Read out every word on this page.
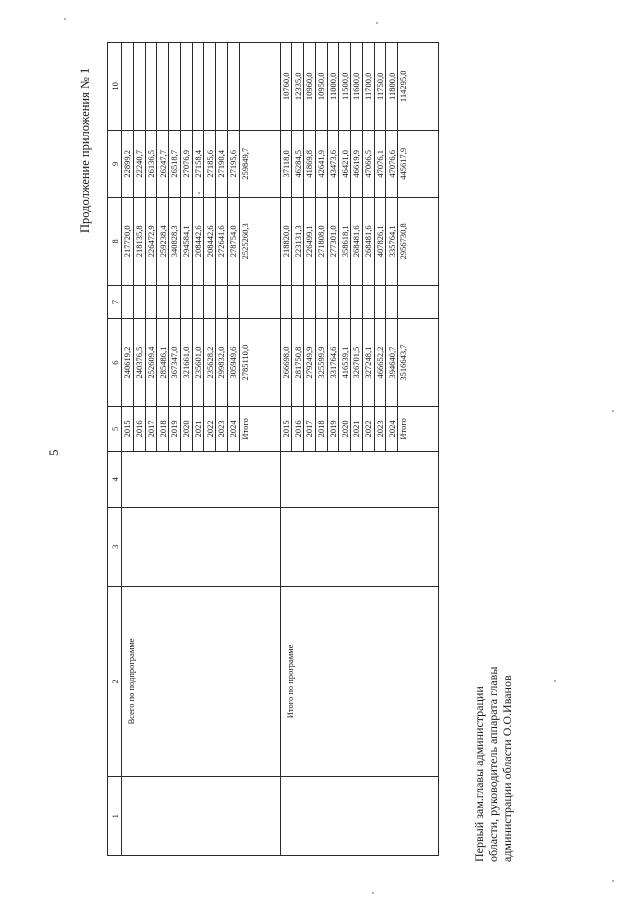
5
Продолжение приложения № 1
1	2	3	4	5	6	7	8	9	10
	Всего по подпрограмме			2015	240619,2		217720,0	22899,2	
				2016	240376,5		218135,8	22240,7	
				2017	252609,4		226472,9	26136,5	
				2018	285486,1		259238,4	26247,7	
				2019	367347,0		340828,3	26518,7	
				2020	321661,0		294584,1	27076,9	
				2021	235601,0		208442,6	27158,4	
				2022	235628,2		208442,6	27185,6	
				2023	299832,0		272641,6	27190,4	
				2024	305949,6		278754,0	27195,6	
				Итого	2785110,0		2525260,3	259849,7	
	Итого по программе			2015	266698,0		218820,0	37118,0	10760,0
				2016	281750,8		223131,3	46284,5	12335,0
				2017	279249,9		226499,1	41869,8	10960,0
				2018	325599,9		271808,0	42641,9	10950,0
				2019	331764,6		277301,0	43473,6	11000,0
				2020	416539,1		358618,1	46421,0	11500,0
				2021	326701,5		268481,6	46619,9	11600,0
				2022	327248,1		268481,6	47066,5	11700,0
				2023	466652,2		407826,1	47076,1	11750,0
				2024	394640,7		335764,1	47076,6	11800,0
				Итого	3516643,7		2956730,8	445617,9	114295,0
Первый зам.главы администрации области, руководитель аппарата главы администрации области О.О.Иванов
